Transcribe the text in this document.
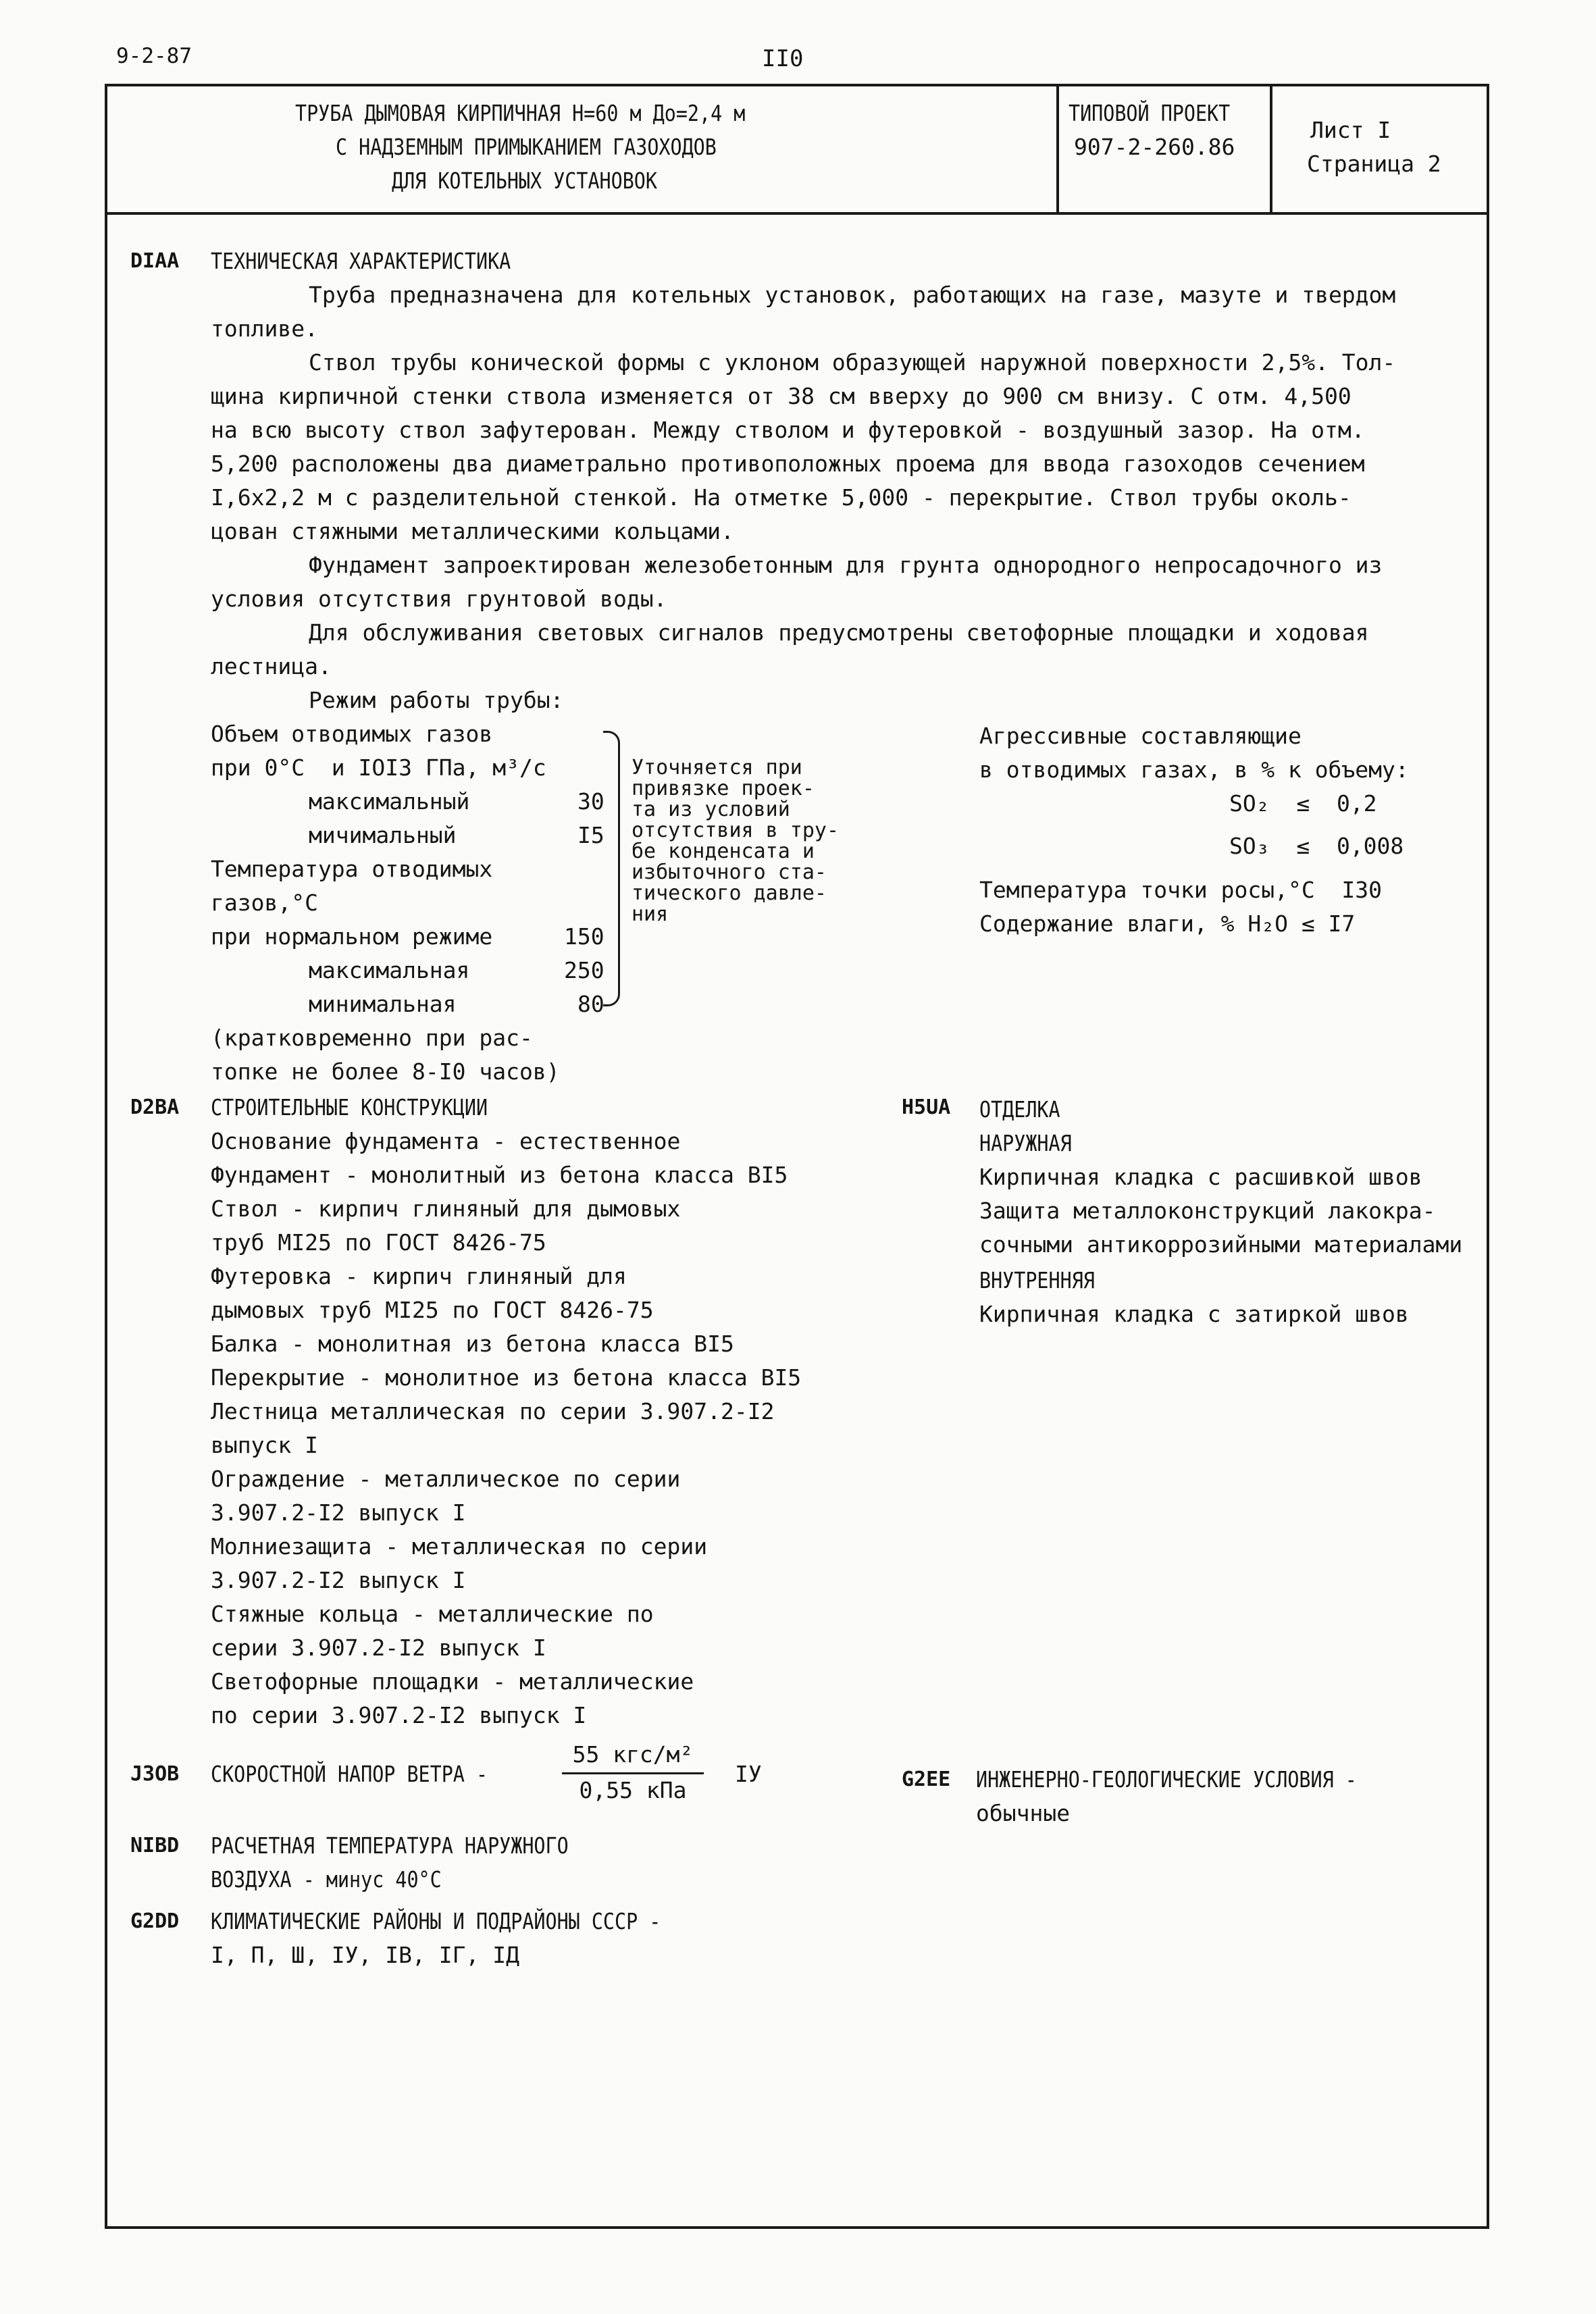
9-2-87	II0
ТРУБА ДЫМОВАЯ КИРПИЧНАЯ Н=60 м До=2,4 м
С НАДЗЕМНЫМ ПРИМЫКАНИЕМ ГАЗОХОДОВ
ДЛЯ КОТЕЛЬНЫХ УСТАНОВОК
ТИПОВОЙ ПРОЕКТ
907-2-260.86
Лист I
Страница 2
DIAA ТЕХНИЧЕСКАЯ ХАРАКТЕРИСТИКА
Труба предназначена для котельных установок, работающих на газе, мазуте и твердом
топливе.
Ствол трубы конической формы с уклоном образующей наружной поверхности 2,5%. Тол-
щина кирпичной стенки ствола изменяется от 38 см вверху до 900 см внизу. С отм. 4,500
на всю высоту ствол зафутерован. Между стволом и футеровкой - воздушный зазор. На отм.
5,200 расположены два диаметрально противоположных проема для ввода газоходов сечением
I,6х2,2 м с разделительной стенкой. На отметке 5,000 - перекрытие. Ствол трубы околь-
цован стяжными металлическими кольцами.
Фундамент запроектирован железобетонным для грунта однородного непросадочного из
условия отсутствия грунтовой воды.
Для обслуживания световых сигналов предусмотрены светофорные площадки и ходовая
лестница.
Режим работы трубы:
Объем отводимых газов
при 0°С  и IOI3 ГПа, м³/с
максимальный	30
мичимальный	I5
Температура отводимых
газов,°С
при нормальном режиме	150
максимальная	250
минимальная	80
(кратковременно при рас-
топке не более 8-I0 часов)
Уточняется при
привязке проек-
та из условий
отсутствия в тру-
бе конденсата и
избыточного ста-
тического давле-
ния
Агрессивные составляющие
в отводимых газах, в % к объему:
SO₂  ≤  0,2
SO₃  ≤  0,008
Температура точки росы,°С  I30
Содержание влаги, % H₂O ≤ I7
D2BA СТРОИТЕЛЬНЫЕ КОНСТРУКЦИИ
Основание фундамента - естественное
Фундамент - монолитный из бетона класса BI5
Ствол - кирпич глиняный для дымовых
труб MI25 по ГОСТ 8426-75
Футеровка - кирпич глиняный для
дымовых труб MI25 по ГОСТ 8426-75
Балка - монолитная из бетона класса BI5
Перекрытие - монолитное из бетона класса BI5
Лестница металлическая по серии 3.907.2-I2
выпуск I
Ограждение - металлическое по серии
3.907.2-I2 выпуск I
Молниезащита - металлическая по серии
3.907.2-I2 выпуск I
Стяжные кольца - металлические по
серии 3.907.2-I2 выпуск I
Светофорные площадки - металлические
по серии 3.907.2-I2 выпуск I
H5UA ОТДЕЛКА
НАРУЖНАЯ
Кирпичная кладка с расшивкой швов
Защита металлоконструкций лакокра-
сочными антикоррозийными материалами
ВНУТРЕННЯЯ
Кирпичная кладка с затиркой швов
J3OB СКОРОСТНОЙ НАПОР ВЕТРА -
55 кгс/м²
0,55 кПа
IУ	G2EE ИНЖЕНЕРНО-ГЕОЛОГИЧЕСКИЕ УСЛОВИЯ -
обычные
NIBD РАСЧЕТНАЯ ТЕМПЕРАТУРА НАРУЖНОГО
ВОЗДУХА - минус 40°С
G2DD КЛИМАТИЧЕСКИЕ РАЙОНЫ И ПОДРАЙОНЫ СССР -
I, П, Ш, IУ, IВ, IГ, IД
